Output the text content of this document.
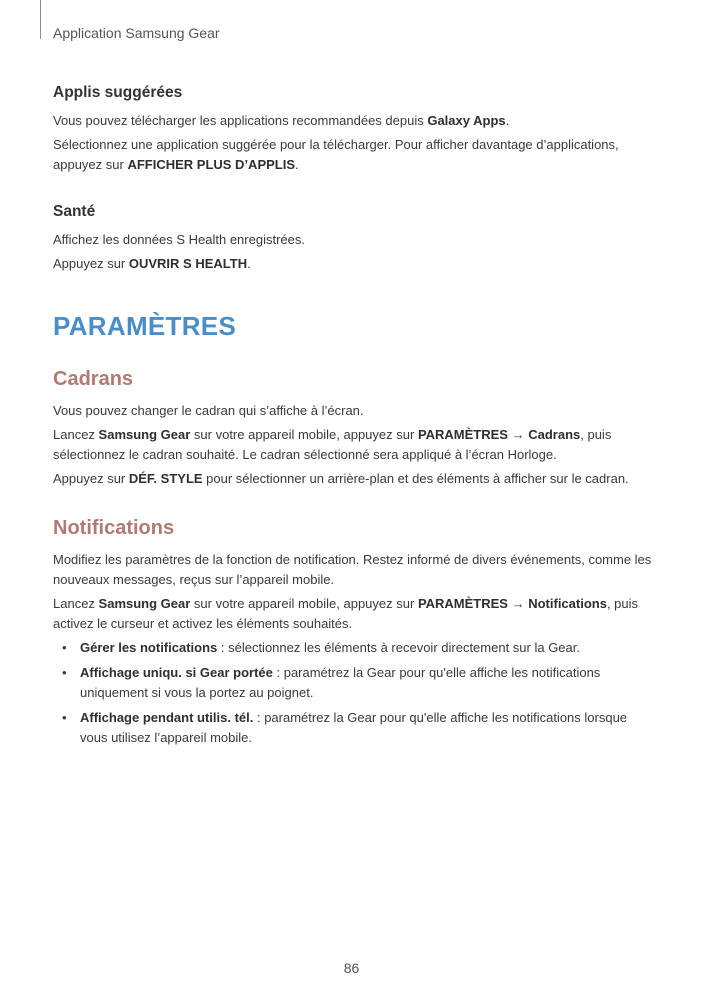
Application Samsung Gear
Applis suggérées

Vous pouvez télécharger les applications recommandées depuis Galaxy Apps.

Sélectionnez une application suggérée pour la télécharger. Pour afficher davantage d’applications, appuyez sur AFFICHER PLUS D’APPLIS.

Santé

Affichez les données S Health enregistrées.

Appuyez sur OUVRIR S HEALTH.

PARAMÈTRES
Cadrans

Vous pouvez changer le cadran qui s’affiche à l’écran.

Lancez Samsung Gear sur votre appareil mobile, appuyez sur PARAMÈTRES → Cadrans, puis sélectionnez le cadran souhaité. Le cadran sélectionné sera appliqué à l’écran Horloge.

Appuyez sur DÉF. STYLE pour sélectionner un arrière-plan et des éléments à afficher sur le cadran.

Notifications

Modifiez les paramètres de la fonction de notification. Restez informé de divers événements, comme les nouveaux messages, reçus sur l’appareil mobile.

Lancez Samsung Gear sur votre appareil mobile, appuyez sur PARAMÈTRES → Notifications, puis activez le curseur et activez les éléments souhaités.

• Gérer les notifications : sélectionnez les éléments à recevoir directement sur la Gear.
• Affichage uniqu. si Gear portée : paramétrez la Gear pour qu'elle affiche les notifications uniquement si vous la portez au poignet.
• Affichage pendant utilis. tél. : paramétrez la Gear pour qu'elle affiche les notifications lorsque vous utilisez l’appareil mobile.
86
